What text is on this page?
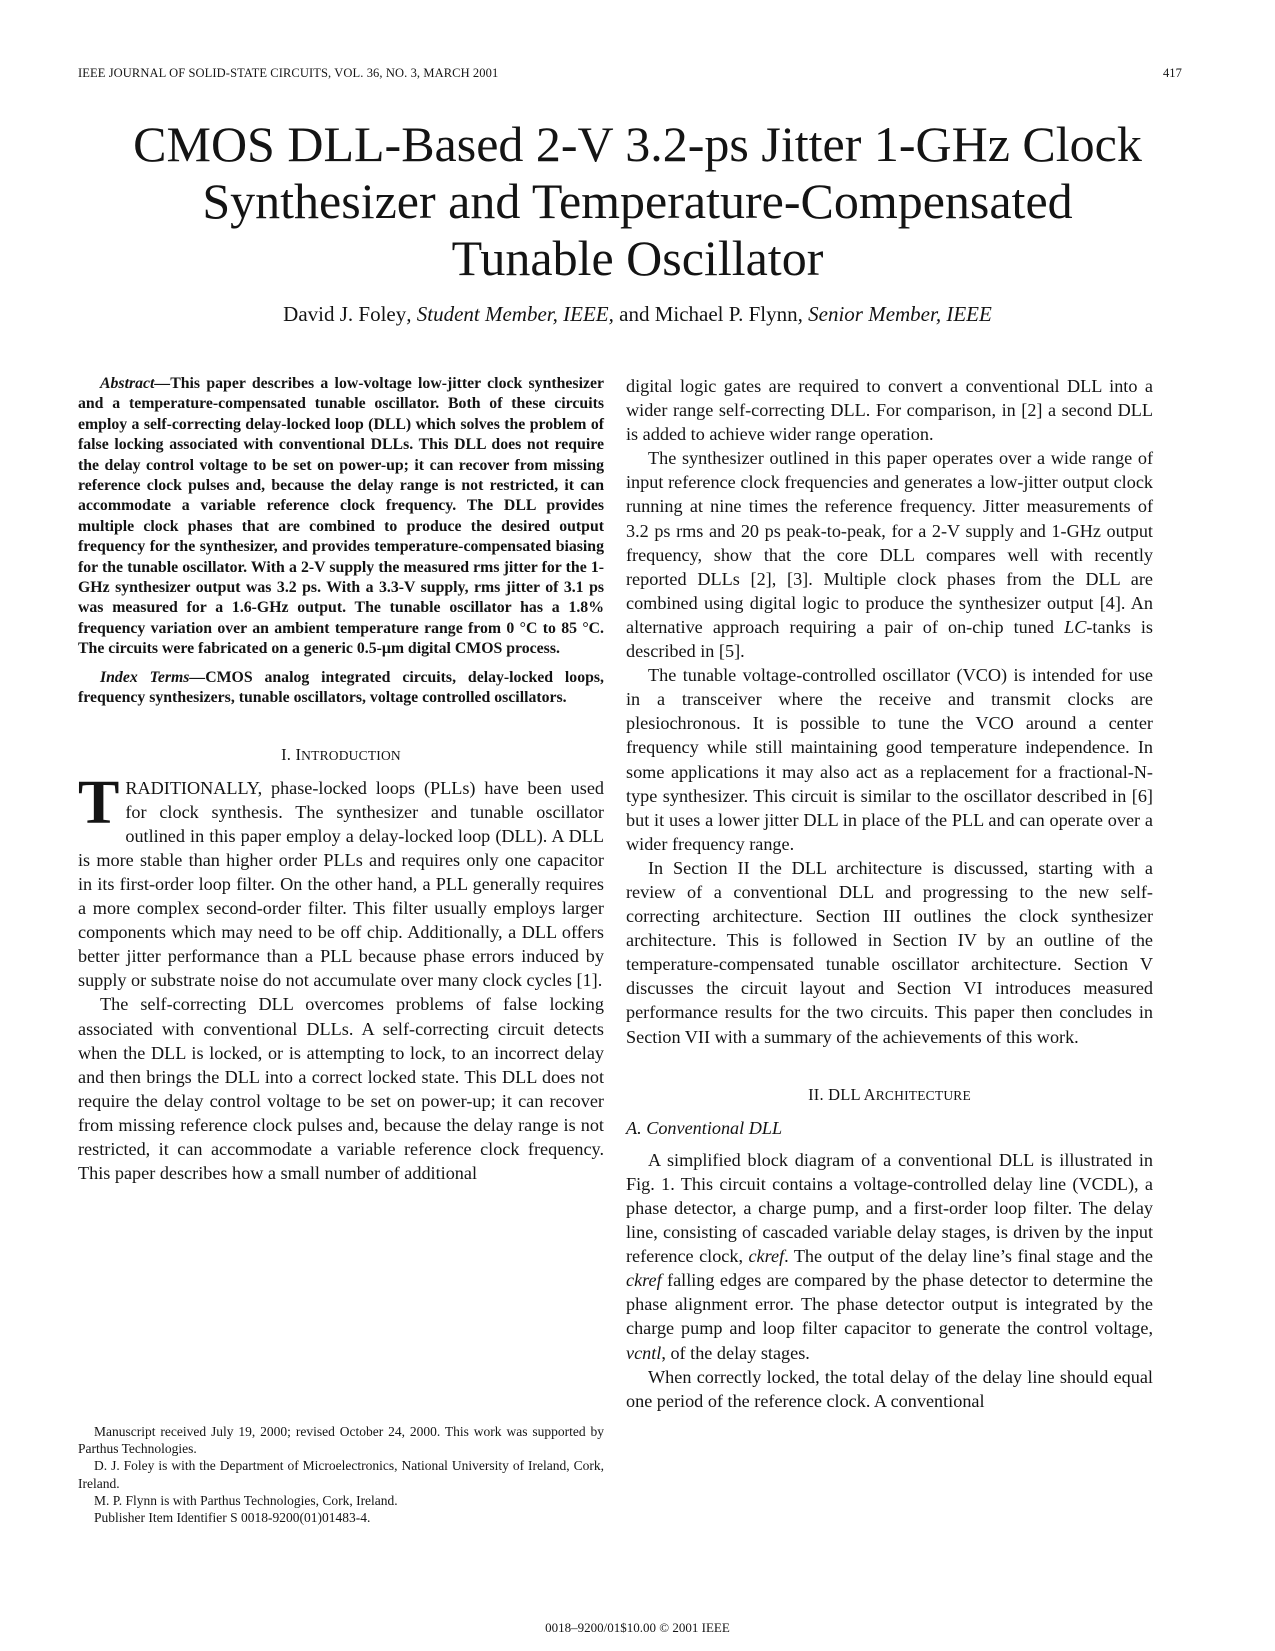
IEEE JOURNAL OF SOLID-STATE CIRCUITS, VOL. 36, NO. 3, MARCH 2001	417
CMOS DLL-Based 2-V 3.2-ps Jitter 1-GHz Clock
Synthesizer and Temperature-Compensated
Tunable Oscillator
David J. Foley, Student Member, IEEE, and Michael P. Flynn, Senior Member, IEEE

Abstract—This paper describes a low-voltage low-jitter clock synthesizer and a temperature-compensated tunable oscillator. Both of these circuits employ a self-correcting delay-locked loop (DLL) which solves the problem of false locking associated with conventional DLLs. This DLL does not require the delay control voltage to be set on power-up; it can recover from missing reference clock pulses and, because the delay range is not restricted, it can accommodate a variable reference clock frequency. The DLL provides multiple clock phases that are combined to produce the desired output frequency for the synthesizer, and provides temperature-compensated biasing for the tunable oscillator. With a 2-V supply the measured rms jitter for the 1-GHz synthesizer output was 3.2 ps. With a 3.3-V supply, rms jitter of 3.1 ps was measured for a 1.6-GHz output. The tunable oscillator has a 1.8% frequency variation over an ambient temperature range from 0 °C to 85 °C. The circuits were fabricated on a generic 0.5-μm digital CMOS process.

Index Terms—CMOS analog integrated circuits, delay-locked loops, frequency synthesizers, tunable oscillators, voltage controlled oscillators.

I. INTRODUCTION

TRADITIONALLY, phase-locked loops (PLLs) have been used for clock synthesis. The synthesizer and tunable oscillator outlined in this paper employ a delay-locked loop (DLL). A DLL is more stable than higher order PLLs and requires only one capacitor in its first-order loop filter. On the other hand, a PLL generally requires a more complex second-order filter. This filter usually employs larger components which may need to be off chip. Additionally, a DLL offers better jitter performance than a PLL because phase errors induced by supply or substrate noise do not accumulate over many clock cycles [1].

The self-correcting DLL overcomes problems of false locking associated with conventional DLLs. A self-correcting circuit detects when the DLL is locked, or is attempting to lock, to an incorrect delay and then brings the DLL into a correct locked state. This DLL does not require the delay control voltage to be set on power-up; it can recover from missing reference clock pulses and, because the delay range is not restricted, it can accommodate a variable reference clock frequency. This paper describes how a small number of additional

digital logic gates are required to convert a conventional DLL into a wider range self-correcting DLL. For comparison, in [2] a second DLL is added to achieve wider range operation.

The synthesizer outlined in this paper operates over a wide range of input reference clock frequencies and generates a low-jitter output clock running at nine times the reference frequency. Jitter measurements of 3.2 ps rms and 20 ps peak-to-peak, for a 2-V supply and 1-GHz output frequency, show that the core DLL compares well with recently reported DLLs [2], [3]. Multiple clock phases from the DLL are combined using digital logic to produce the synthesizer output [4]. An alternative approach requiring a pair of on-chip tuned LC-tanks is described in [5].

The tunable voltage-controlled oscillator (VCO) is intended for use in a transceiver where the receive and transmit clocks are plesiochronous. It is possible to tune the VCO around a center frequency while still maintaining good temperature independence. In some applications it may also act as a replacement for a fractional-N-type synthesizer. This circuit is similar to the oscillator described in [6] but it uses a lower jitter DLL in place of the PLL and can operate over a wider frequency range.

In Section II the DLL architecture is discussed, starting with a review of a conventional DLL and progressing to the new self-correcting architecture. Section III outlines the clock synthesizer architecture. This is followed in Section IV by an outline of the temperature-compensated tunable oscillator architecture. Section V discusses the circuit layout and Section VI introduces measured performance results for the two circuits. This paper then concludes in Section VII with a summary of the achievements of this work.

II. DLL ARCHITECTURE
A. Conventional DLL

A simplified block diagram of a conventional DLL is illustrated in Fig. 1. This circuit contains a voltage-controlled delay line (VCDL), a phase detector, a charge pump, and a first-order loop filter. The delay line, consisting of cascaded variable delay stages, is driven by the input reference clock, ckref. The output of the delay line’s final stage and the ckref falling edges are compared by the phase detector to determine the phase alignment error. The phase detector output is integrated by the charge pump and loop filter capacitor to generate the control voltage, vcntl, of the delay stages.

When correctly locked, the total delay of the delay line should equal one period of the reference clock. A conventional

Manuscript received July 19, 2000; revised October 24, 2000. This work was supported by Parthus Technologies.

D. J. Foley is with the Department of Microelectronics, National University of Ireland, Cork, Ireland.

M. P. Flynn is with Parthus Technologies, Cork, Ireland.

Publisher Item Identifier S 0018-9200(01)01483-4.

0018–9200/01$10.00 © 2001 IEEE
